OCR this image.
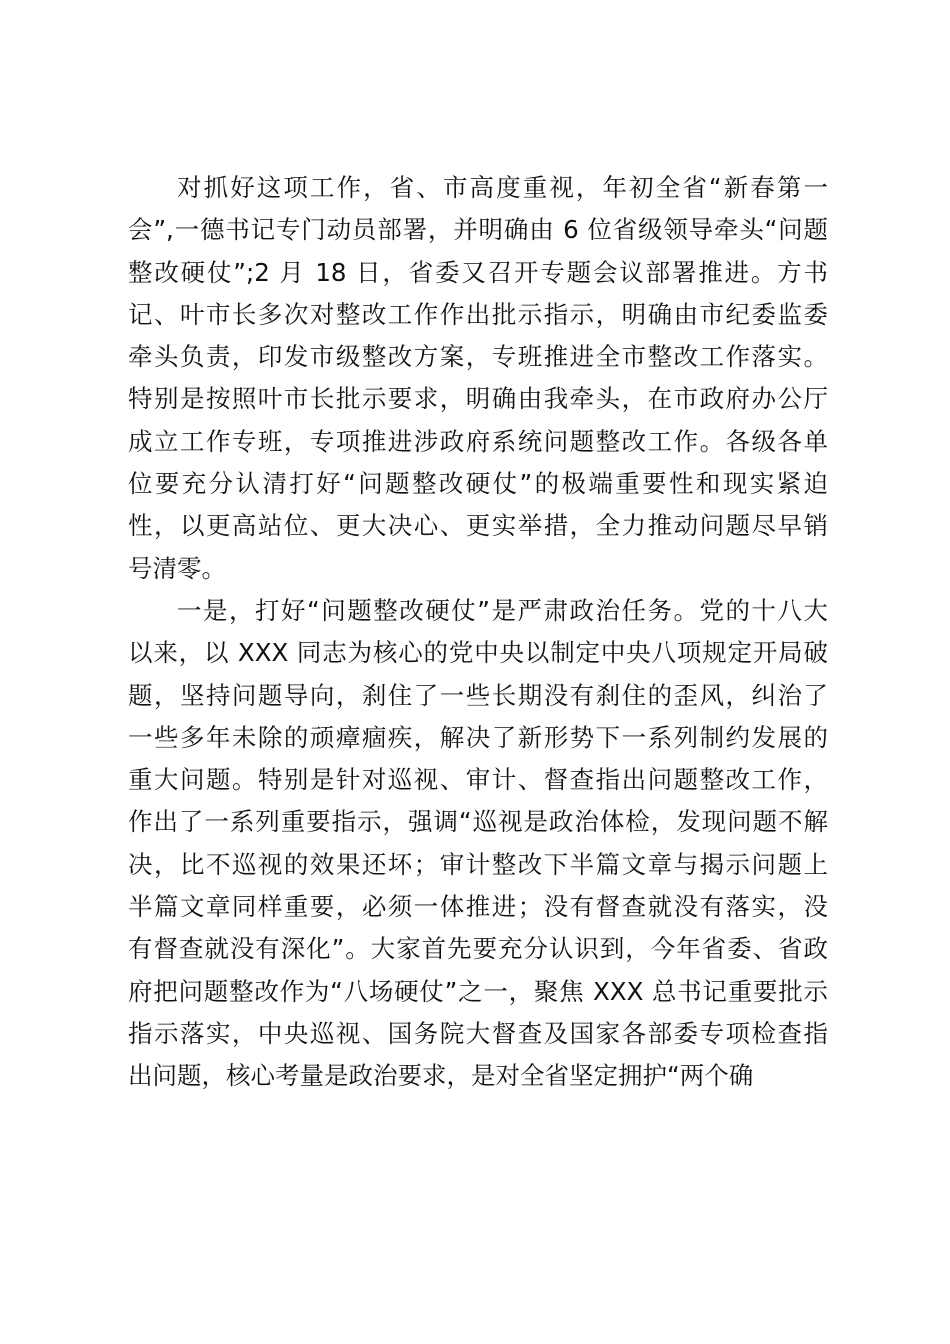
对抓好这项工作，省、市高度重视，年初全省“新春第一
会”,一德书记专门动员部署，并明确由 6 位省级领导牵头“问题
整改硬仗”;2 月 18 日，省委又召开专题会议部署推进。方书
记、叶市长多次对整改工作作出批示指示，明确由市纪委监委
牵头负责，印发市级整改方案，专班推进全市整改工作落实。
特别是按照叶市长批示要求，明确由我牵头，在市政府办公厅
成立工作专班，专项推进涉政府系统问题整改工作。各级各单
位要充分认清打好“问题整改硬仗”的极端重要性和现实紧迫
性，以更高站位、更大决心、更实举措，全力推动问题尽早销
号清零。
一是，打好“问题整改硬仗”是严肃政治任务。党的十八大
以来，以 XXX 同志为核心的党中央以制定中央八项规定开局破
题，坚持问题导向，刹住了一些长期没有刹住的歪风，纠治了
一些多年未除的顽瘴痼疾，解决了新形势下一系列制约发展的
重大问题。特别是针对巡视、审计、督查指出问题整改工作，
作出了一系列重要指示，强调“巡视是政治体检，发现问题不解
决，比不巡视的效果还坏；审计整改下半篇文章与揭示问题上
半篇文章同样重要，必须一体推进；没有督查就没有落实，没
有督查就没有深化”。大家首先要充分认识到，今年省委、省政
府把问题整改作为“八场硬仗”之一，聚焦 XXX 总书记重要批示
指示落实，中央巡视、国务院大督查及国家各部委专项检查指
出问题，核心考量是政治要求，是对全省坚定拥护“两个确
